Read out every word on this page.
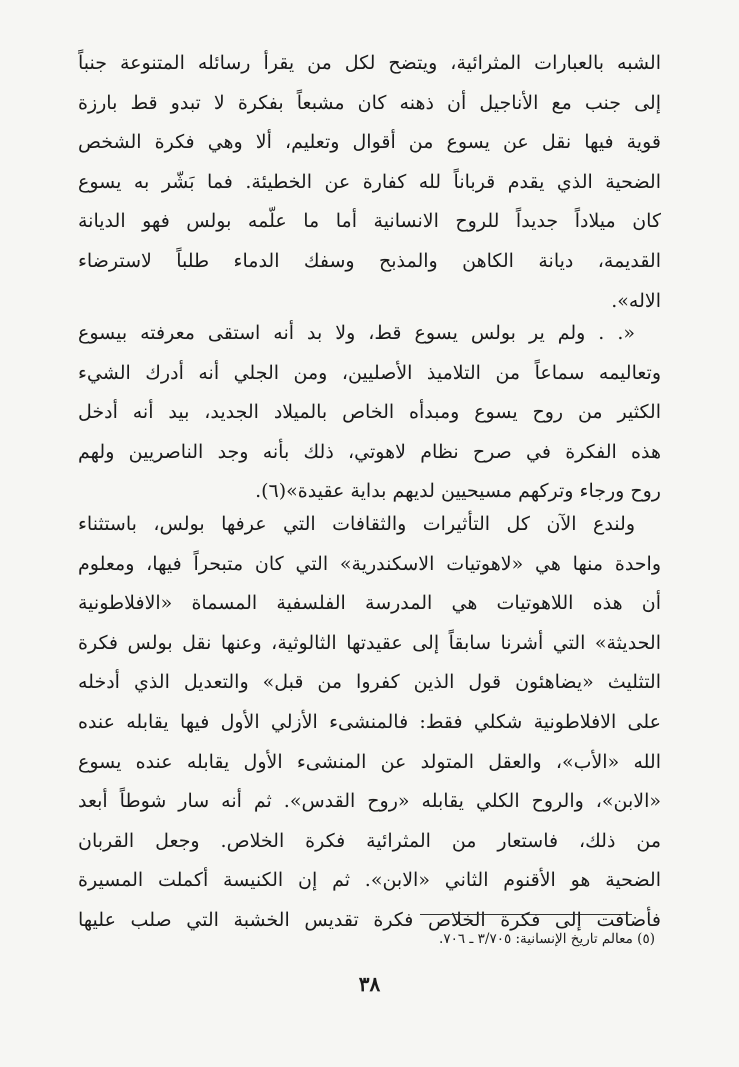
الشبه بالعبارات المثرائية، ويتضح لكل من يقرأ رسائله المتنوعة جنباً
إلى جنب مع الأناجيل أن ذهنه كان مشبعاً بفكرة لا تبدو قط بارزة
قوية فيها نقل عن يسوع من أقوال وتعليم، ألا وهي فكرة الشخص
الضحية الذي يقدم قرباناً لله كفارة عن الخطيئة. فما بَشّر به يسوع
كان ميلاداً جديداً للروح الانسانية أما ما علّمه بولس فهو الديانة
القديمة، ديانة الكاهن والمذبح وسفك الدماء طلباً لاسترضاء
الاله».
«. . ولم ير بولس يسوع قط، ولا بد أنه استقى معرفته بيسوع
وتعاليمه سماعاً من التلاميذ الأصليين، ومن الجلي أنه أدرك الشيء
الكثير من روح يسوع ومبدأه الخاص بالميلاد الجديد، بيد أنه أدخل
هذه الفكرة في صرح نظام لاهوتي، ذلك بأنه وجد الناصريين ولهم
روح ورجاء وتركهم مسيحيين لديهم بداية عقيدة»(٦).
ولندع الآن كل التأثيرات والثقافات التي عرفها بولس، باستثناء
واحدة منها هي «لاهوتيات الاسكندرية» التي كان متبحراً فيها، ومعلوم
أن هذه اللاهوتيات هي المدرسة الفلسفية المسماة «الافلاطونية
الحديثة» التي أشرنا سابقاً إلى عقيدتها الثالوثية، وعنها نقل بولس فكرة
التثليث «يضاهئون قول الذين كفروا من قبل» والتعديل الذي أدخله
على الافلاطونية شكلي فقط: فالمنشىء الأزلي الأول فيها يقابله عنده
الله «الأب»، والعقل المتولد عن المنشىء الأول يقابله عنده يسوع
«الابن»، والروح الكلي يقابله «روح القدس». ثم أنه سار شوطاً أبعد
من ذلك، فاستعار من المثرائية فكرة الخلاص. وجعل القربان
الضحية هو الأقنوم الثاني «الابن». ثم إن الكنيسة أكملت المسيرة
فأضافت إلى فكرة الخلاص فكرة تقديس الخشبة التي صلب عليها
(٥) معالم تاريخ الإنسانية: ٣/٧٠٥ ـ ٧٠٦.
٣٨
